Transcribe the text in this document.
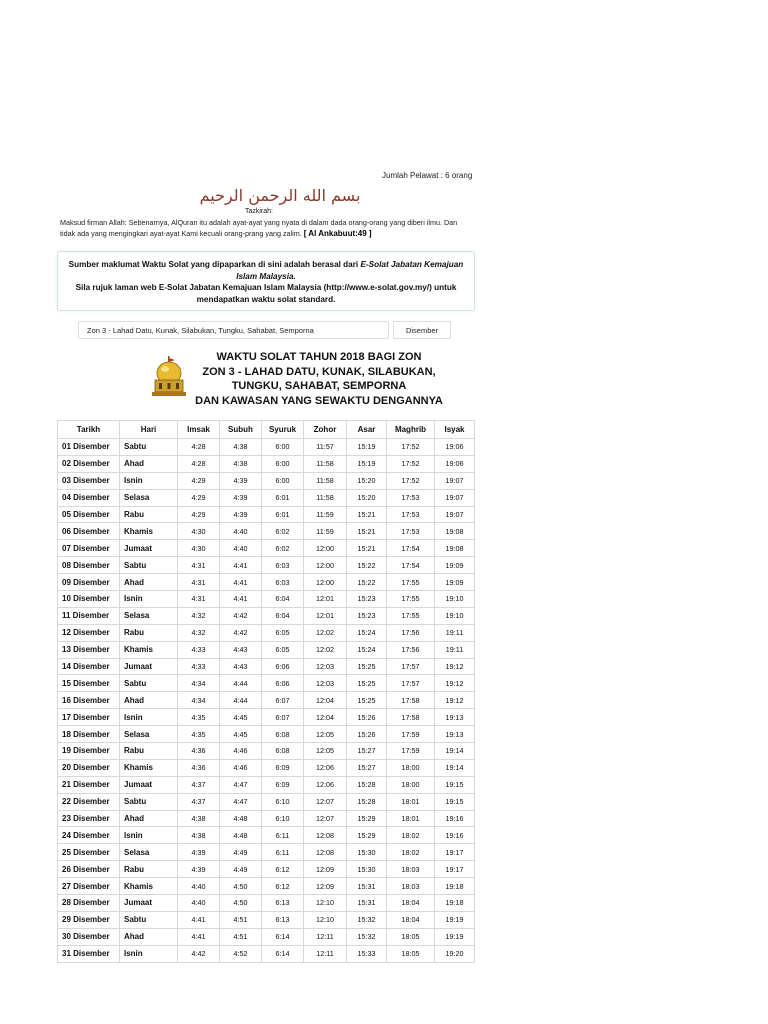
Jumlah Pelawat : 6 orang
بسم الله الرحمن الرحيم
Tazkirah:
Maksud firman Allah: Sebenarnya, AlQuran itu adalah ayat-ayat yang nyata di dalam dada orang-orang yang diberi ilmu. Dan tidak ada yang mengingkari ayat-ayat Kami kecuali orang-prang yang zalim. [ Al Ankabuut:49 ]

Sumber maklumat Waktu Solat yang dipaparkan di sini adalah berasal dari E-Solat Jabatan Kemajuan Islam Malaysia.

Sila rujuk laman web E-Solat Jabatan Kemajuan Islam Malaysia (http://www.e-solat.gov.my/) untuk mendapatkan waktu solat standard.

Zon 3 - Lahad Datu, Kunak, Silabukan, Tungku, Sahabat, Semporna	Disember
WAKTU SOLAT TAHUN 2018 BAGI ZON
ZON 3 - LAHAD DATU, KUNAK, SILABUKAN,
TUNGKU, SAHABAT, SEMPORNA
DAN KAWASAN YANG SEWAKTU DENGANNYA
Tarikh	Hari	Imsak	Subuh	Syuruk	Zohor	Asar	Maghrib	Isyak
01 Disember	Sabtu	4:28	4:38	6:00	11:57	15:19	17:52	19:06
02 Disember	Ahad	4:28	4:38	6:00	11:58	15:19	17:52	19:06
03 Disember	Isnin	4:29	4:39	6:00	11:58	15:20	17:52	19:07
04 Disember	Selasa	4:29	4:39	6:01	11:58	15:20	17:53	19:07
05 Disember	Rabu	4:29	4:39	6:01	11:59	15:21	17:53	19:07
06 Disember	Khamis	4:30	4:40	6:02	11:59	15:21	17:53	19:08
07 Disember	Jumaat	4:30	4:40	6:02	12:00	15:21	17:54	19:08
08 Disember	Sabtu	4:31	4:41	6:03	12:00	15:22	17:54	19:09
09 Disember	Ahad	4:31	4:41	6:03	12:00	15:22	17:55	19:09
10 Disember	Isnin	4:31	4:41	6:04	12:01	15:23	17:55	19:10
11 Disember	Selasa	4:32	4:42	6:04	12:01	15:23	17:55	19:10
12 Disember	Rabu	4:32	4:42	6:05	12:02	15:24	17:56	19:11
13 Disember	Khamis	4:33	4:43	6:05	12:02	15:24	17:56	19:11
14 Disember	Jumaat	4:33	4:43	6:06	12:03	15:25	17:57	19:12
15 Disember	Sabtu	4:34	4:44	6:06	12:03	15:25	17:57	19:12
16 Disember	Ahad	4:34	4:44	6:07	12:04	15:25	17:58	19:12
17 Disember	Isnin	4:35	4:45	6:07	12:04	15:26	17:58	19:13
18 Disember	Selasa	4:35	4:45	6:08	12:05	15:26	17:59	19:13
19 Disember	Rabu	4:36	4:46	6:08	12:05	15:27	17:59	19:14
20 Disember	Khamis	4:36	4:46	6:09	12:06	15:27	18:00	19:14
21 Disember	Jumaat	4:37	4:47	6:09	12:06	15:28	18:00	19:15
22 Disember	Sabtu	4:37	4:47	6:10	12:07	15:28	18:01	19:15
23 Disember	Ahad	4:38	4:48	6:10	12:07	15:29	18:01	19:16
24 Disember	Isnin	4:38	4:48	6:11	12:08	15:29	18:02	19:16
25 Disember	Selasa	4:39	4:49	6:11	12:08	15:30	18:02	19:17
26 Disember	Rabu	4:39	4:49	6:12	12:09	15:30	18:03	19:17
27 Disember	Khamis	4:40	4:50	6:12	12:09	15:31	18:03	19:18
28 Disember	Jumaat	4:40	4:50	6:13	12:10	15:31	18:04	19:18
29 Disember	Sabtu	4:41	4:51	6:13	12:10	15:32	18:04	19:19
30 Disember	Ahad	4:41	4:51	6:14	12:11	15:32	18:05	19:19
31 Disember	Isnin	4:42	4:52	6:14	12:11	15:33	18:05	19:20
